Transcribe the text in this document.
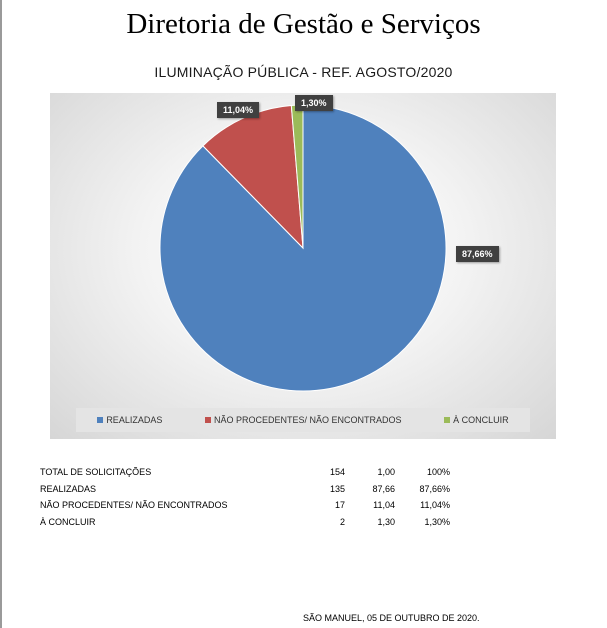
Diretoria de Gestão e Serviços
ILUMINAÇÃO PÚBLICA - REF. AGOSTO/2020
87,66%
11,04%
1,30%
REALIZADAS	NÃO PROCEDENTES/ NÃO ENCONTRADOS	À CONCLUIR
TOTAL DE SOLICITAÇÕES	154	1,00	100%
REALIZADAS	135	87,66	87,66%
NÃO PROCEDENTES/ NÃO ENCONTRADOS	17	11,04	11,04%
À CONCLUIR	2	1,30	1,30%
SÃO MANUEL, 05 DE OUTUBRO DE 2020.
